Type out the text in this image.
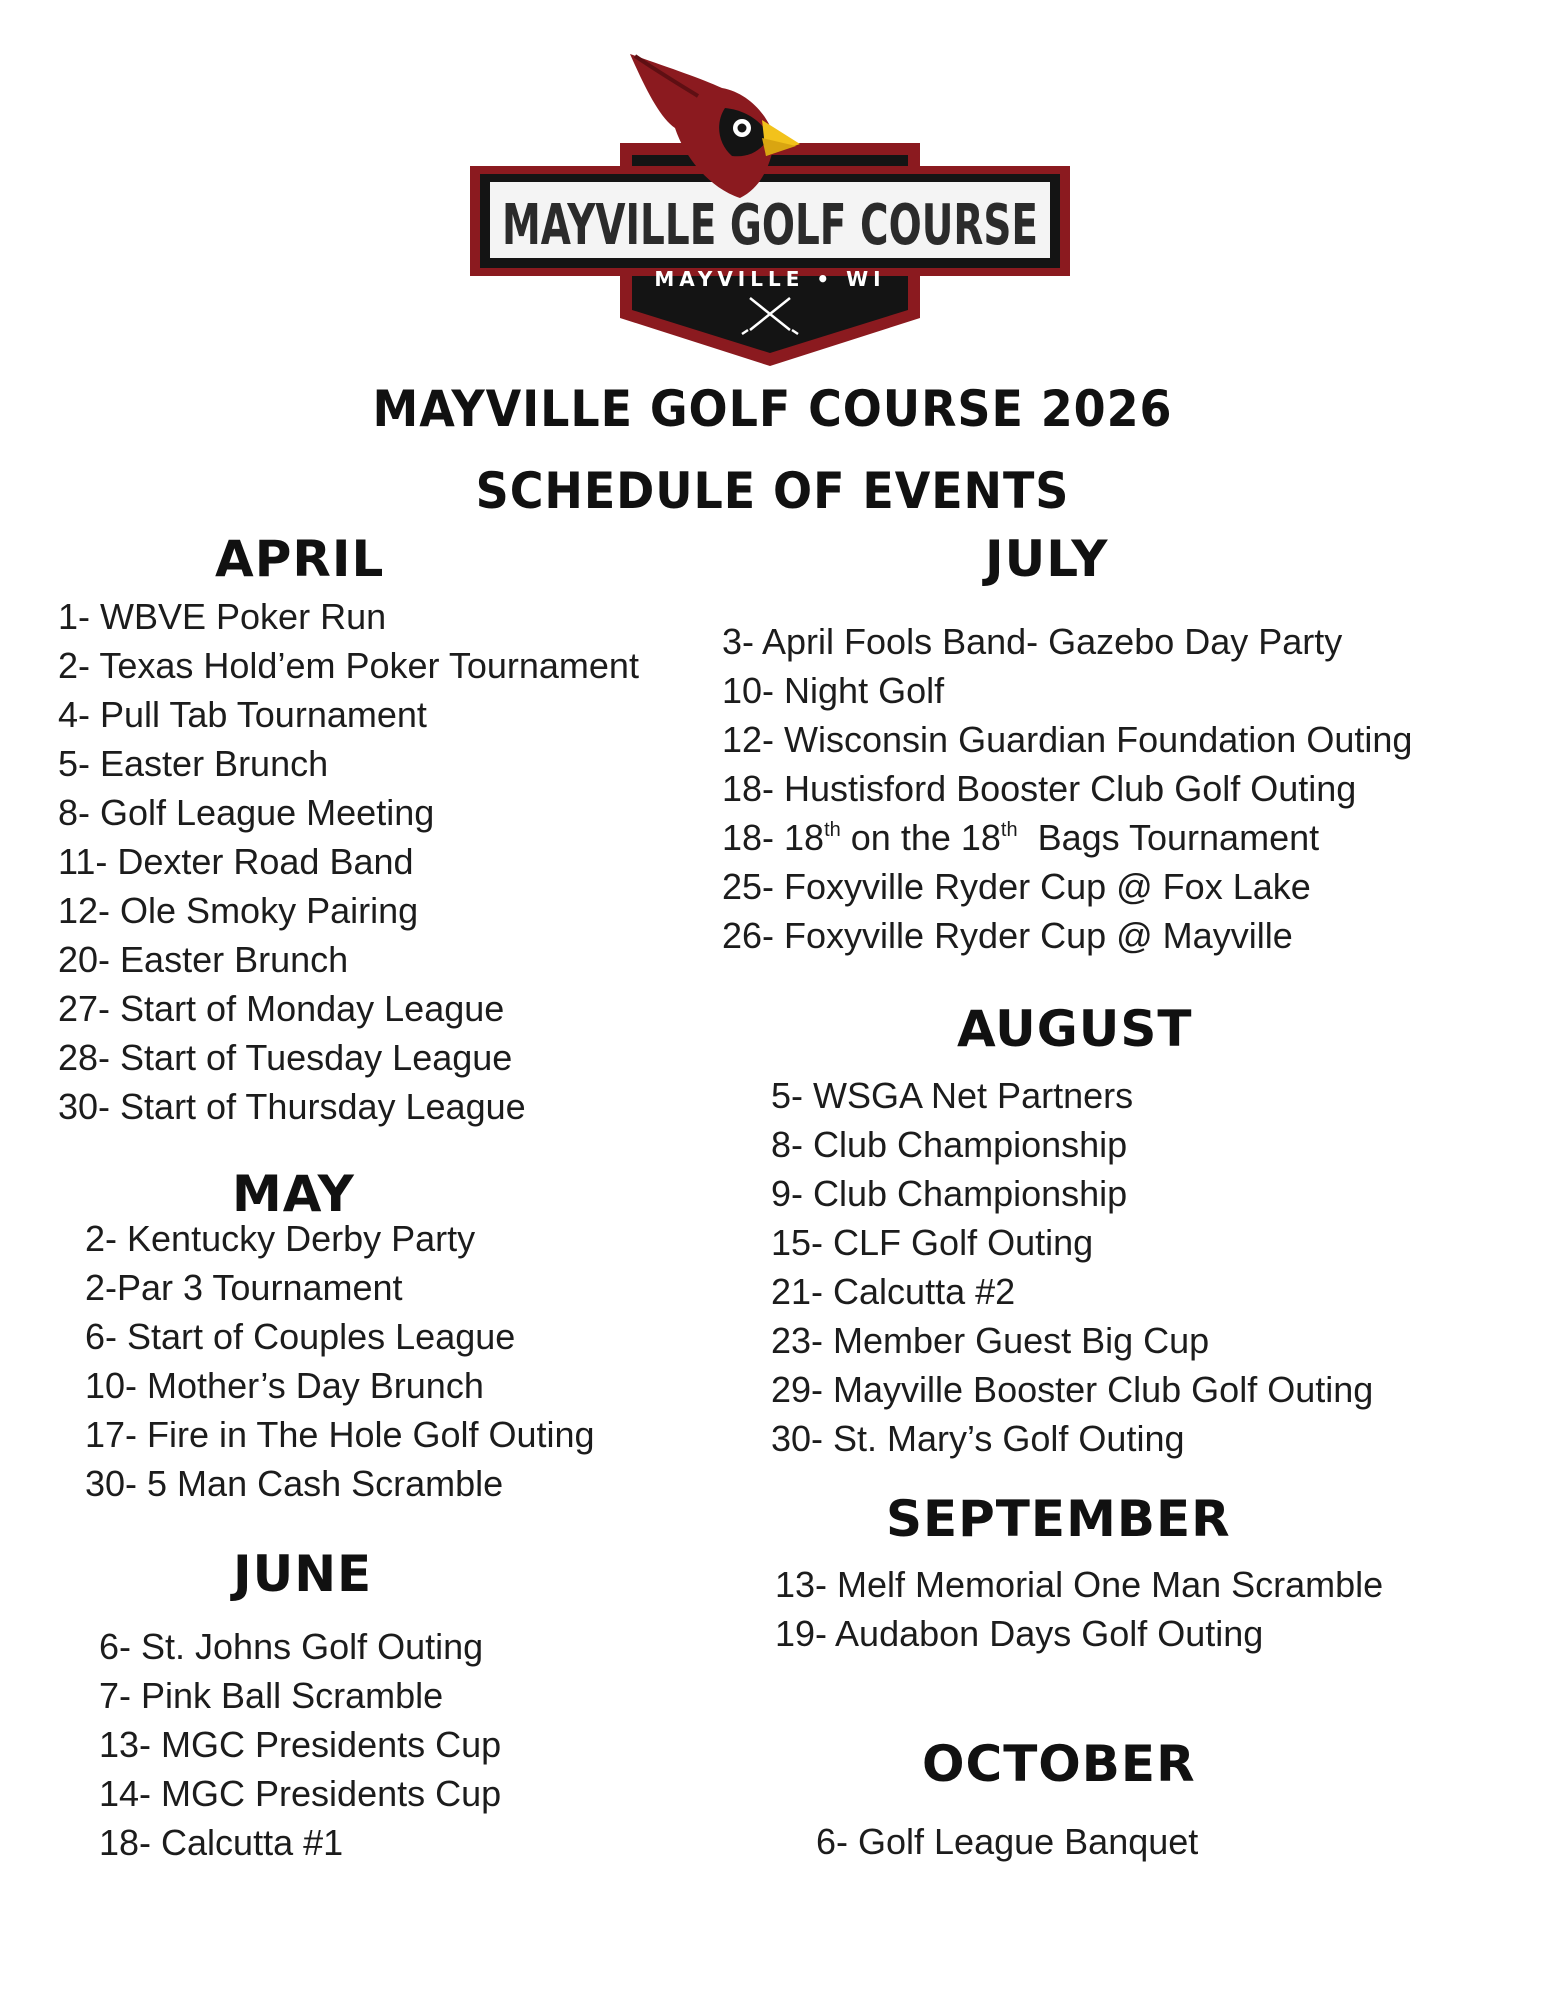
MAYVILLE GOLF COURSE
MAYVILLE • WI
MAYVILLE GOLF COURSE 2026
SCHEDULE OF EVENTS
APRIL
1- WBVE Poker Run
2- Texas Hold’em Poker Tournament
4- Pull Tab Tournament
5- Easter Brunch
8- Golf League Meeting
11- Dexter Road Band
12- Ole Smoky Pairing
20- Easter Brunch
27- Start of Monday League
28- Start of Tuesday League
30- Start of Thursday League
MAY
2- Kentucky Derby Party
2-Par 3 Tournament
6- Start of Couples League
10- Mother’s Day Brunch
17- Fire in The Hole Golf Outing
30- 5 Man Cash Scramble
JUNE
6- St. Johns Golf Outing
7- Pink Ball Scramble
13- MGC Presidents Cup
14- MGC Presidents Cup
18- Calcutta #1
JULY
3- April Fools Band- Gazebo Day Party
10- Night Golf
12- Wisconsin Guardian Foundation Outing
18- Hustisford Booster Club Golf Outing
18- 18th on the 18th  Bags Tournament
25- Foxyville Ryder Cup @ Fox Lake
26- Foxyville Ryder Cup @ Mayville
AUGUST
5- WSGA Net Partners
8- Club Championship
9- Club Championship
15- CLF Golf Outing
21- Calcutta #2
23- Member Guest Big Cup
29- Mayville Booster Club Golf Outing
30- St. Mary’s Golf Outing
SEPTEMBER
13- Melf Memorial One Man Scramble
19- Audabon Days Golf Outing
OCTOBER
6- Golf League Banquet
